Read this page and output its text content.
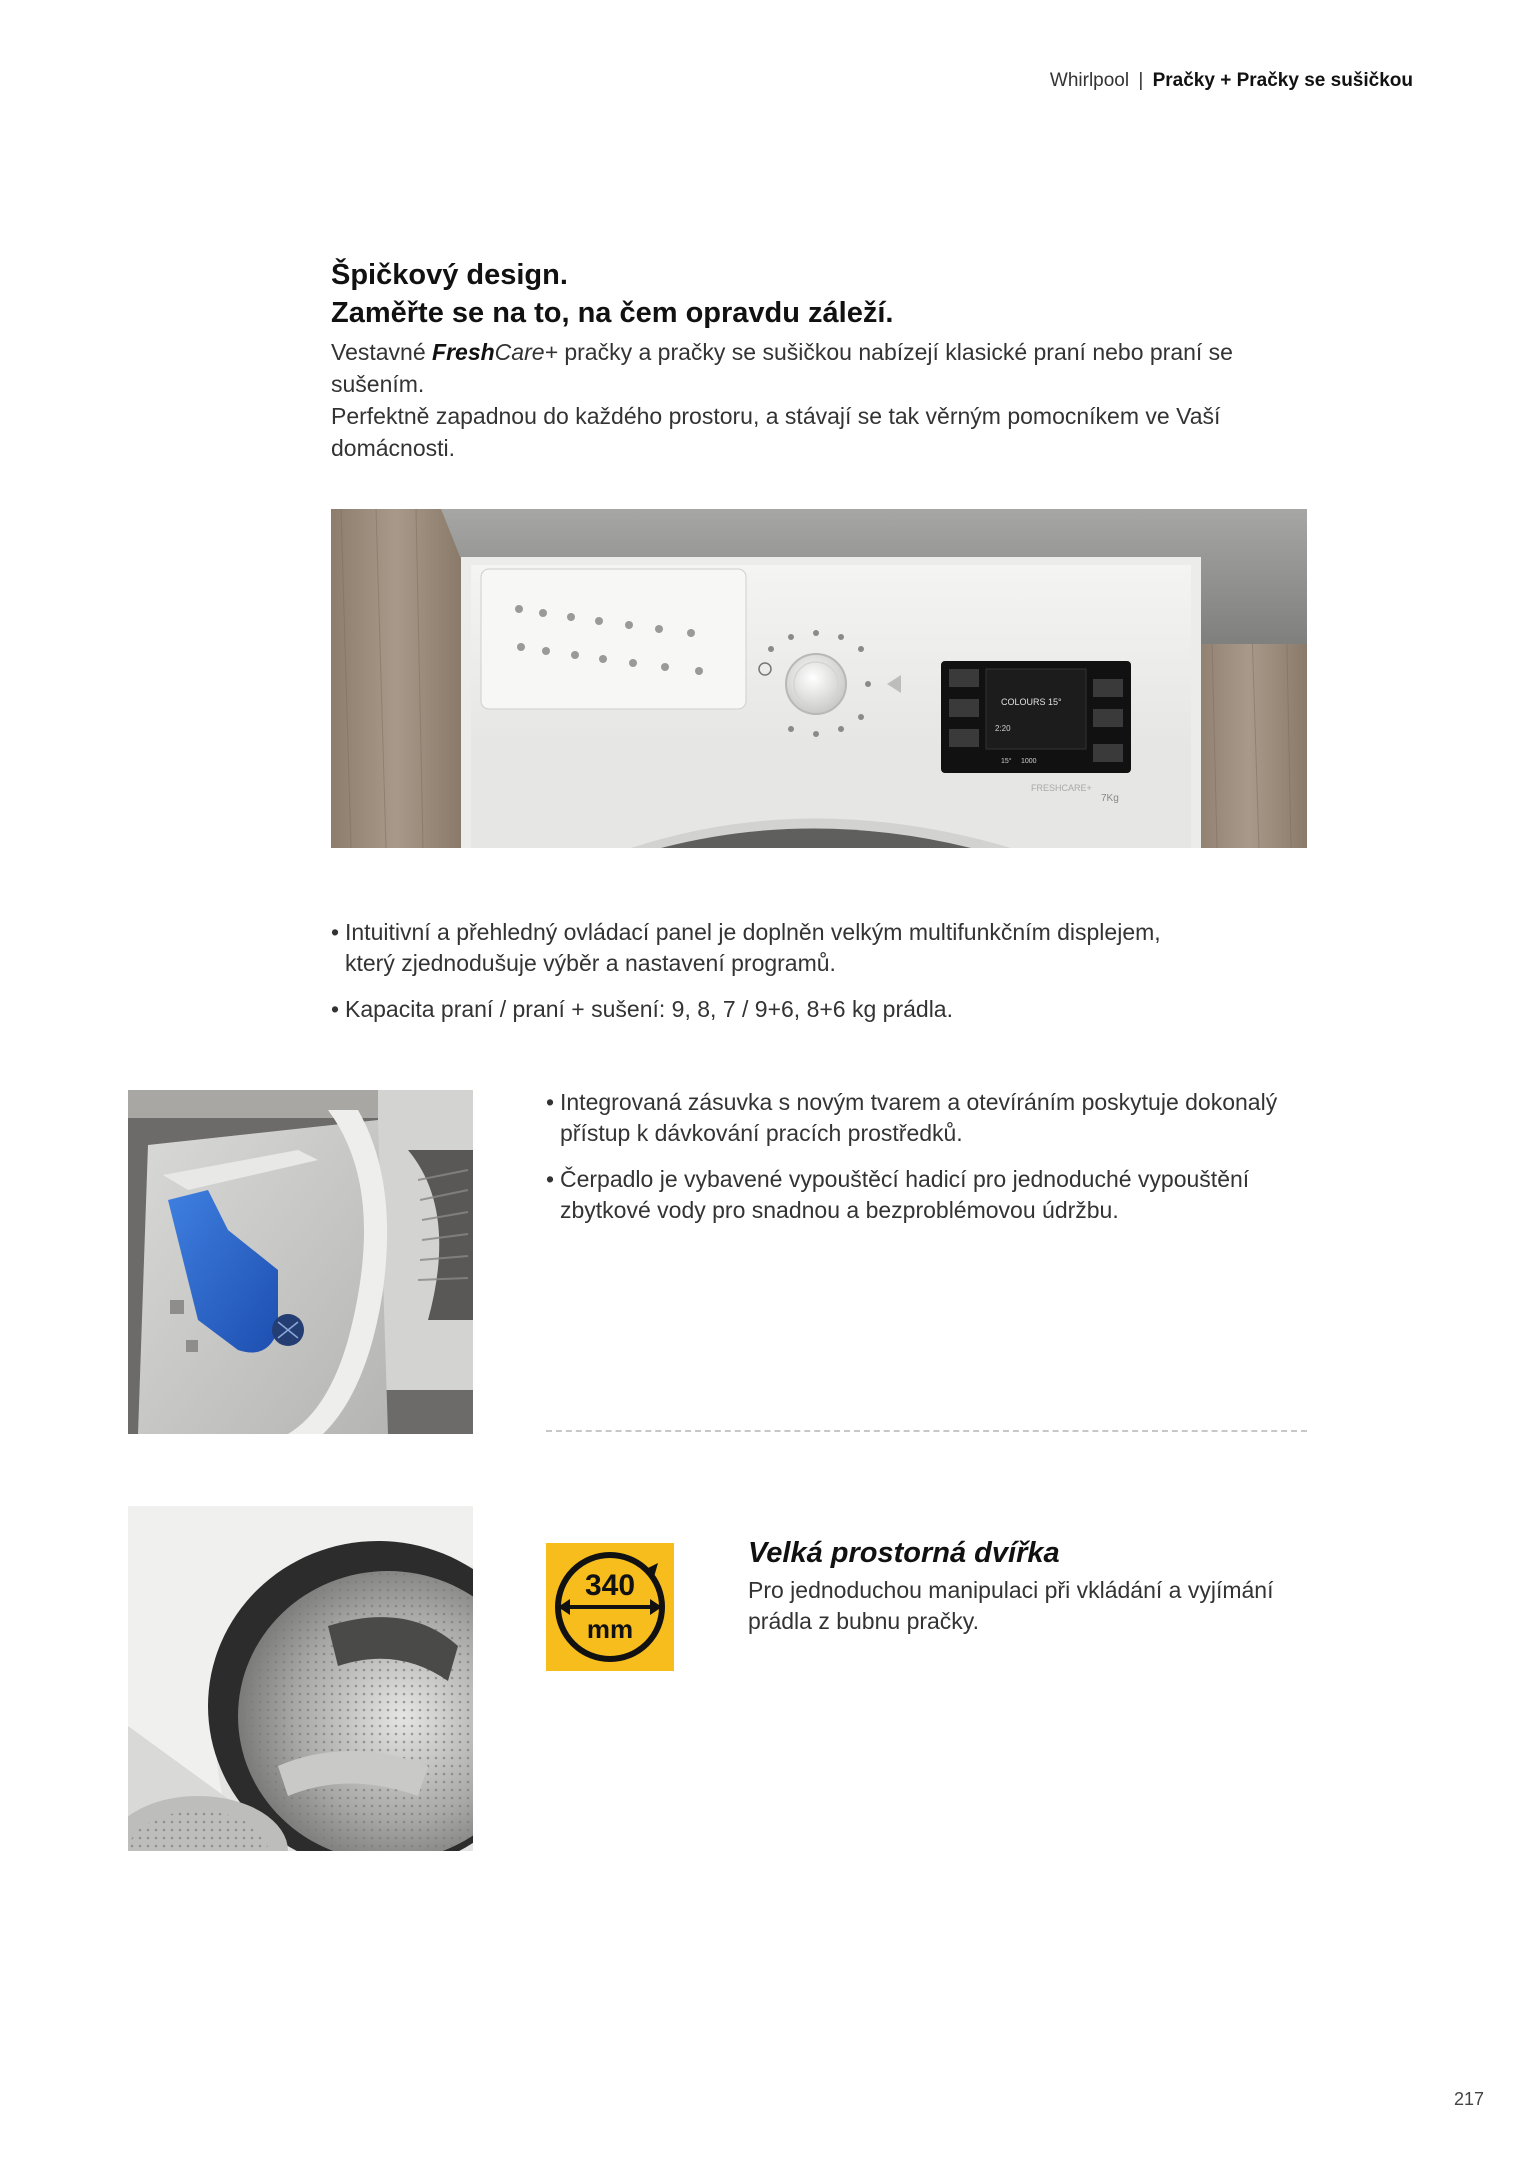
Whirlpool | Pračky + Pračky se sušičkou
Špičkový design.
Zaměřte se na to, na čem opravdu záleží.
Vestavné FreshCare+ pračky a pračky se sušičkou nabízejí klasické praní nebo praní se sušením.
Perfektně zapadnou do každého prostoru, a stávají se tak věrným pomocníkem ve Vaší domácnosti.
COLOURS 15°
2:20
15° 1000
FRESHCARE+
7Kg
• Intuitivní a přehledný ovládací panel je doplněn velkým multifunkčním displejem,
který zjednodušuje výběr a nastavení programů.
• Kapacita praní / praní + sušení: 9, 8, 7 / 9+6, 8+6 kg prádla.
• Integrovaná zásuvka s novým tvarem a otevíráním poskytuje dokonalý
přístup k dávkování pracích prostředků.
• Čerpadlo je vybavené vypouštěcí hadicí pro jednoduché vypouštění
zbytkové vody pro snadnou a bezproblémovou údržbu.
340
mm
Velká prostorná dvířka
Pro jednoduchou manipulaci při vkládání a vyjímání
prádla z bubnu pračky.
217
